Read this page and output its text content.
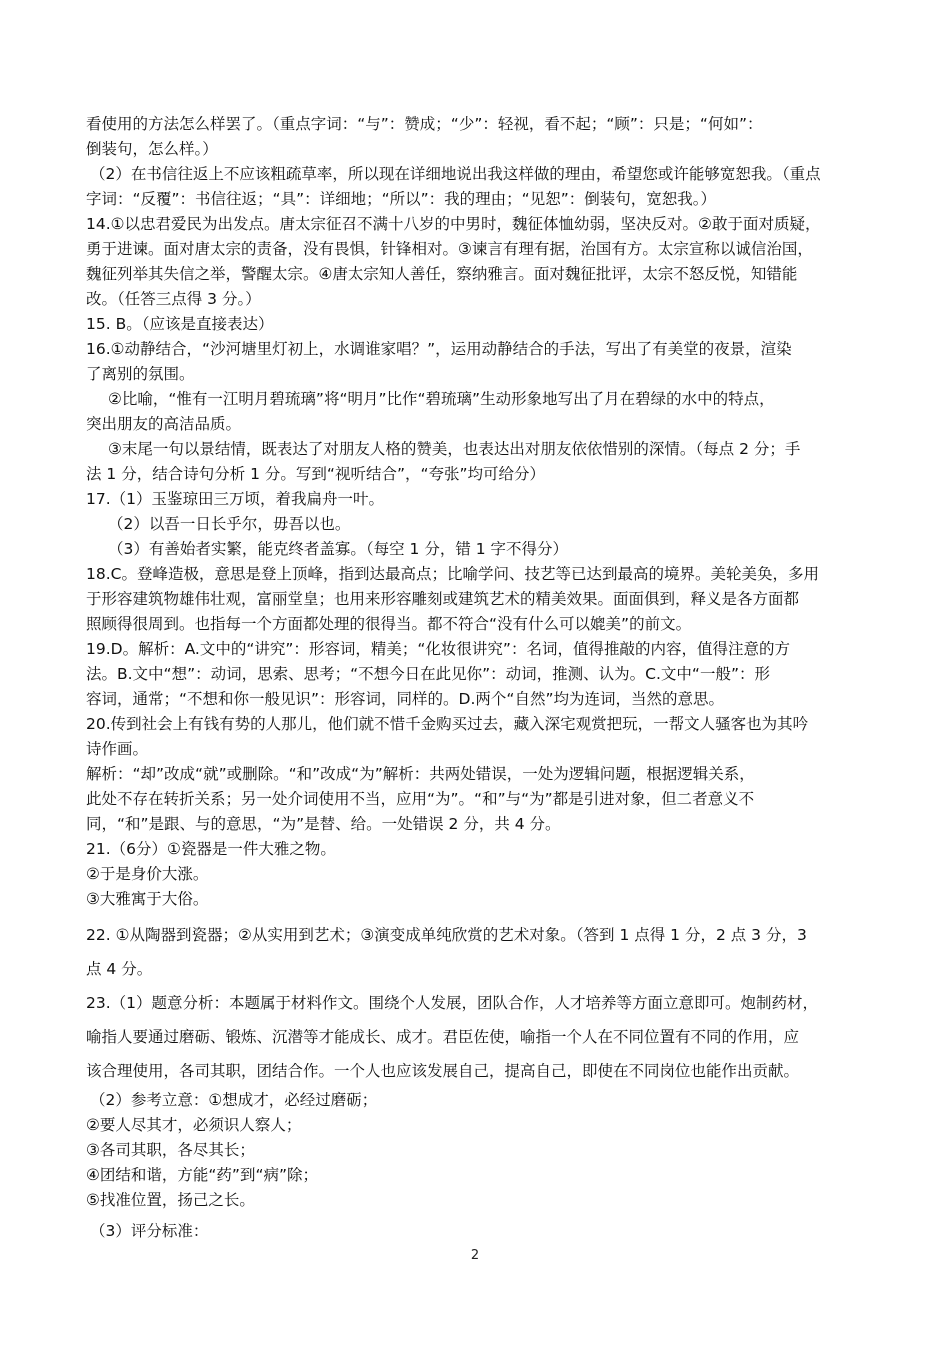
看使用的方法怎么样罢了。（重点字词：“与”：赞成；“少”：轻视，看不起；“顾”：只是；“何如”：
倒装句，怎么样。）
（2）在书信往返上不应该粗疏草率，所以现在详细地说出我这样做的理由，希望您或许能够宽恕我。（重点
字词：“反覆”：书信往返；“具”：详细地；“所以”：我的理由；“见恕”：倒装句，宽恕我。）
14.①以忠君爱民为出发点。唐太宗征召不满十八岁的中男时，魏征体恤幼弱，坚决反对。②敢于面对质疑，
勇于进谏。面对唐太宗的责备，没有畏惧，针锋相对。③谏言有理有据，治国有方。太宗宣称以诚信治国，
魏征列举其失信之举，警醒太宗。④唐太宗知人善任，察纳雅言。面对魏征批评，太宗不怒反悦，知错能
改。（任答三点得 3 分。）
15. B。（应该是直接表达）
16.①动静结合，“沙河塘里灯初上，水调谁家唱？”，运用动静结合的手法，写出了有美堂的夜景，渲染
了离别的氛围。
②比喻，“惟有一江明月碧琉璃”将“明月”比作“碧琉璃”生动形象地写出了月在碧绿的水中的特点，
突出朋友的高洁品质。
③末尾一句以景结情，既表达了对朋友人格的赞美，也表达出对朋友依依惜别的深情。（每点 2 分；手
法 1 分，结合诗句分析 1 分。写到“视听结合”，“夸张”均可给分）
17.（1）玉鉴琼田三万顷，着我扁舟一叶。
（2）以吾一日长乎尔，毋吾以也。
（3）有善始者实繁，能克终者盖寡。（每空 1 分，错 1 字不得分）
18.C。登峰造极，意思是登上顶峰，指到达最高点；比喻学问、技艺等已达到最高的境界。美轮美奂，多用
于形容建筑物雄伟壮观，富丽堂皇；也用来形容雕刻或建筑艺术的精美效果。面面俱到，释义是各方面都
照顾得很周到。也指每一个方面都处理的很得当。都不符合“没有什么可以媲美”的前文。
19.D。解析：A.文中的“讲究”：形容词，精美；“化妆很讲究”：名词，值得推敲的内容，值得注意的方
法。B.文中“想”：动词，思索、思考；“不想今日在此见你”：动词，推测、认为。C.文中“一般”：形
容词，通常；“不想和你一般见识”：形容词，同样的。D.两个“自然”均为连词，当然的意思。
20.传到社会上有钱有势的人那儿，他们就不惜千金购买过去，藏入深宅观赏把玩，一帮文人骚客也为其吟
诗作画。
解析：“却”改成“就”或删除。“和”改成“为”解析：共两处错误，一处为逻辑问题，根据逻辑关系，
此处不存在转折关系；另一处介词使用不当，应用“为”。“和”与“为”都是引进对象，但二者意义不
同，“和”是跟、与的意思，“为”是替、给。一处错误 2 分，共 4 分。
21.（6分）①瓷器是一件大雅之物。
②于是身价大涨。
③大雅寓于大俗。
22. ①从陶器到瓷器；②从实用到艺术；③演变成单纯欣赏的艺术对象。（答到 1 点得 1 分，2 点 3 分，3
点 4 分。
23.（1）题意分析：本题属于材料作文。围绕个人发展，团队合作，人才培养等方面立意即可。炮制药材，
喻指人要通过磨砺、锻炼、沉潜等才能成长、成才。君臣佐使，喻指一个人在不同位置有不同的作用，应
该合理使用，各司其职，团结合作。一个人也应该发展自己，提高自己，即使在不同岗位也能作出贡献。
（2）参考立意：①想成才，必经过磨砺；
②要人尽其才，必须识人察人；
③各司其职，各尽其长；
④团结和谐，方能“药”到“病”除；
⑤找准位置，扬己之长。
（3）评分标准：
2
